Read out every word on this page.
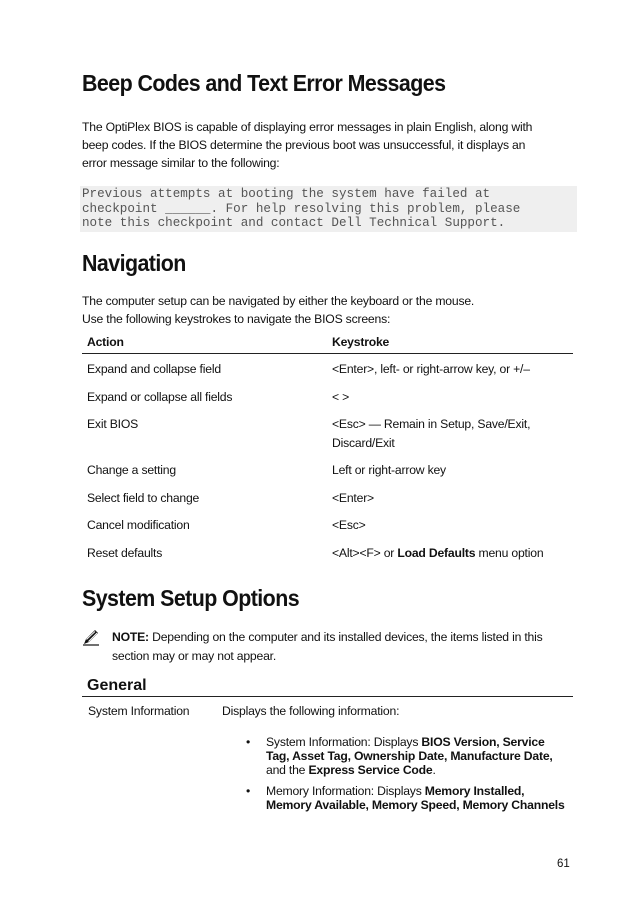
Beep Codes and Text Error Messages

The OptiPlex BIOS is capable of displaying error messages in plain English, along with
beep codes. If the BIOS determine the previous boot was unsuccessful, it displays an
error message similar to the following:

Previous attempts at booting the system have failed at
checkpoint ______. For help resolving this problem, please
note this checkpoint and contact Dell Technical Support.
Navigation

The computer setup can be navigated by either the keyboard or the mouse.
Use the following keystrokes to navigate the BIOS screens:

Action	Keystroke
Expand and collapse field	<Enter>, left- or right-arrow key, or +/–
Expand or collapse all fields	< >
Exit BIOS	<Esc> — Remain in Setup, Save/Exit,
Discard/Exit
Change a setting	Left or right-arrow key
Select field to change	<Enter>
Cancel modification	<Esc>
Reset defaults	<Alt><F> or Load Defaults menu option
System Setup Options
NOTE: Depending on the computer and its installed devices, the items listed in this
section may or may not appear.
General
System Information	Displays the following information:
• System Information: Displays BIOS Version, Service
Tag, Asset Tag, Ownership Date, Manufacture Date,
and the Express Service Code.
• Memory Information: Displays Memory Installed,
Memory Available, Memory Speed, Memory Channels
61
